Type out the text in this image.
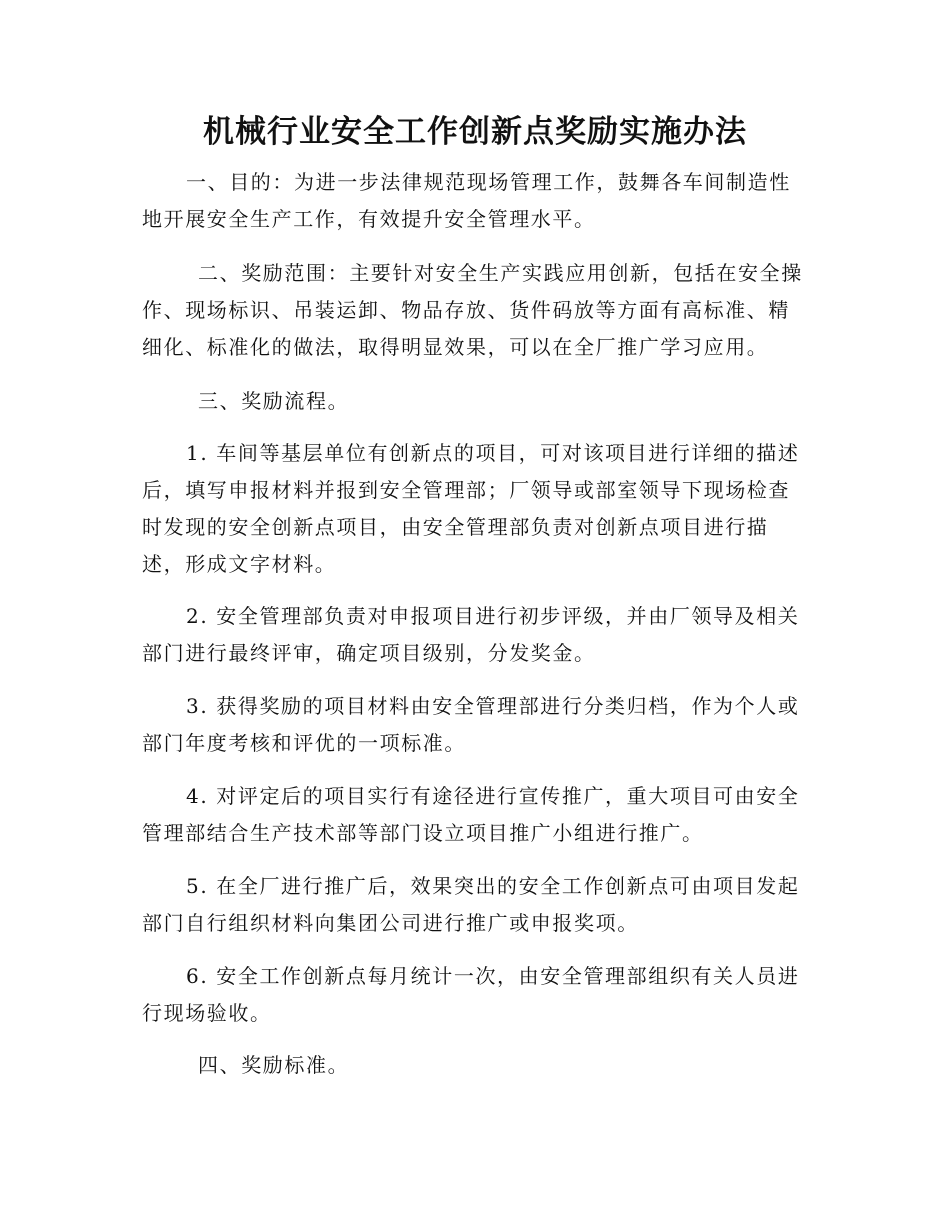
机械行业安全工作创新点奖励实施办法
一、目的：为进一步法律规范现场管理工作，鼓舞各车间制造性
地开展安全生产工作，有效提升安全管理水平。
二、奖励范围：主要针对安全生产实践应用创新，包括在安全操
作、现场标识、吊装运卸、物品存放、货件码放等方面有高标准、精
细化、标准化的做法，取得明显效果，可以在全厂推广学习应用。
三、奖励流程。
1. 车间等基层单位有创新点的项目，可对该项目进行详细的描述
后，填写申报材料并报到安全管理部；厂领导或部室领导下现场检查
时发现的安全创新点项目，由安全管理部负责对创新点项目进行描
述，形成文字材料。
2. 安全管理部负责对申报项目进行初步评级，并由厂领导及相关
部门进行最终评审，确定项目级别，分发奖金。
3. 获得奖励的项目材料由安全管理部进行分类归档，作为个人或
部门年度考核和评优的一项标准。
4. 对评定后的项目实行有途径进行宣传推广，重大项目可由安全
管理部结合生产技术部等部门设立项目推广小组进行推广。
5. 在全厂进行推广后，效果突出的安全工作创新点可由项目发起
部门自行组织材料向集团公司进行推广或申报奖项。
6. 安全工作创新点每月统计一次，由安全管理部组织有关人员进
行现场验收。
四、奖励标准。
